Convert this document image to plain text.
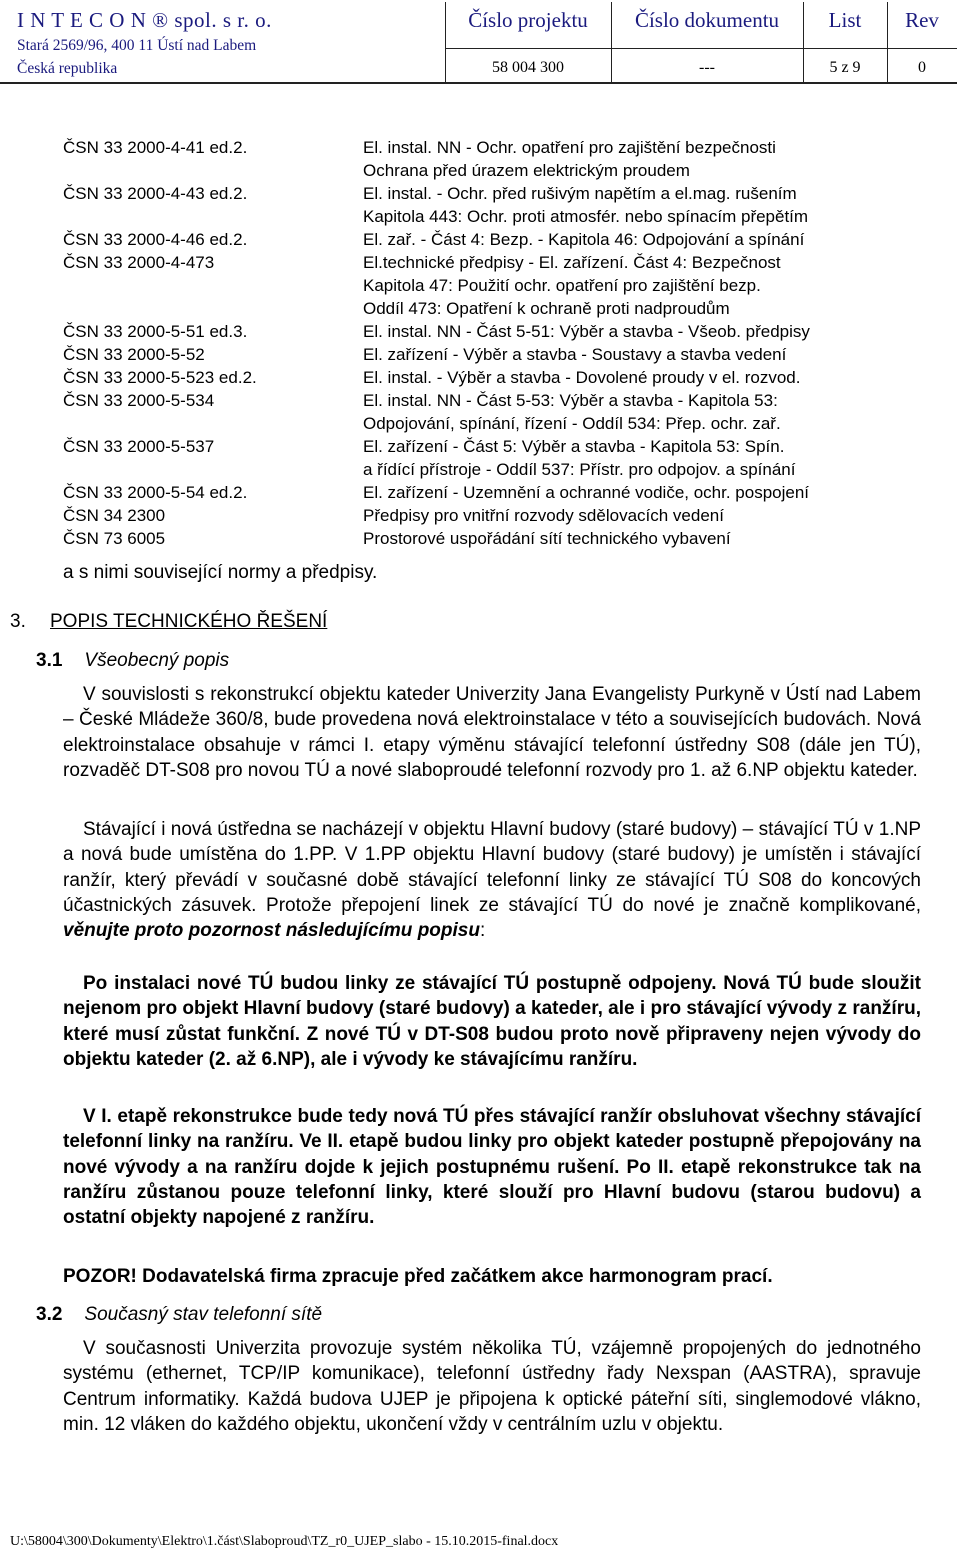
I N T E C O N ® spol. s r. o.
Stará 2569/96, 400 11 Ústí nad Labem
Česká republika
Číslo projektu	Číslo dokumentu	List	Rev
58 004 300	---	5 z 9	0
ČSN 33 2000-4-41 ed.2.	El. instal. NN - Ochr. opatření pro zajištění bezpečnosti
Ochrana před úrazem elektrickým proudem
ČSN 33 2000-4-43 ed.2.	El. instal. - Ochr. před rušivým napětím a el.mag. rušením
Kapitola 443: Ochr. proti atmosfér. nebo spínacím přepětím
ČSN 33 2000-4-46 ed.2.	El. zař. - Část 4: Bezp. - Kapitola 46: Odpojování a spínání
ČSN 33 2000-4-473	El.technické předpisy - El. zařízení. Část 4: Bezpečnost
Kapitola 47: Použití ochr. opatření pro zajištění bezp.
Oddíl 473: Opatření k ochraně proti nadproudům
ČSN 33 2000-5-51 ed.3.	El. instal. NN - Část 5-51: Výběr a stavba - Všeob. předpisy
ČSN 33 2000-5-52	El. zařízení - Výběr a stavba - Soustavy a stavba vedení
ČSN 33 2000-5-523 ed.2.	El. instal. - Výběr a stavba - Dovolené proudy v el. rozvod.
ČSN 33 2000-5-534	El. instal. NN - Část 5-53: Výběr a stavba - Kapitola 53:
Odpojování, spínání, řízení - Oddíl 534: Přep. ochr. zař.
ČSN 33 2000-5-537	El. zařízení - Část 5: Výběr a stavba - Kapitola 53: Spín.
a řídící přístroje - Oddíl 537: Přístr. pro odpojov. a spínání
ČSN 33 2000-5-54 ed.2.	El. zařízení - Uzemnění a ochranné vodiče, ochr. pospojení
ČSN 34 2300	Předpisy pro vnitřní rozvody sdělovacích vedení
ČSN 73 6005	Prostorové uspořádání sítí technického vybavení
a s nimi související normy a předpisy.
3. POPIS TECHNICKÉHO ŘEŠENÍ
3.1 Všeobecný popis
V souvislosti s rekonstrukcí objektu kateder Univerzity Jana Evangelisty Purkyně v Ústí nad Labem – České Mládeže 360/8, bude provedena nová elektroinstalace v této a souvisejících budovách. Nová elektroinstalace obsahuje v rámci I. etapy výměnu stávající telefonní ústředny S08 (dále jen TÚ), rozvaděč DT-S08 pro novou TÚ a nové slaboproudé telefonní rozvody pro 1. až 6.NP objektu kateder.
Stávající i nová ústředna se nacházejí v objektu Hlavní budovy (staré budovy) – stávající TÚ v 1.NP a nová bude umístěna do 1.PP. V 1.PP objektu Hlavní budovy (staré budovy) je umístěn i stávající ranžír, který převádí v současné době stávající telefonní linky ze stávající TÚ S08 do koncových účastnických zásuvek. Protože přepojení linek ze stávající TÚ do nové je značně komplikované, věnujte proto pozornost následujícímu popisu:
Po instalaci nové TÚ budou linky ze stávající TÚ postupně odpojeny. Nová TÚ bude sloužit nejenom pro objekt Hlavní budovy (staré budovy) a kateder, ale i pro stávající vývody z ranžíru, které musí zůstat funkční. Z nové TÚ v DT-S08 budou proto nově připraveny nejen vývody do objektu kateder (2. až 6.NP), ale i vývody ke stávajícímu ranžíru.
V I. etapě rekonstrukce bude tedy nová TÚ přes stávající ranžír obsluhovat všechny stávající telefonní linky na ranžíru. Ve II. etapě budou linky pro objekt kateder postupně přepojovány na nové vývody a na ranžíru dojde k jejich postupnému rušení. Po II. etapě rekonstrukce tak na ranžíru zůstanou pouze telefonní linky, které slouží pro Hlavní budovu (starou budovu) a ostatní objekty napojené z ranžíru.
POZOR! Dodavatelská firma zpracuje před začátkem akce harmonogram prací.
3.2 Současný stav telefonní sítě
V současnosti Univerzita provozuje systém několika TÚ, vzájemně propojených do jednotného systému (ethernet, TCP/IP komunikace), telefonní ústředny řady Nexspan (AASTRA), spravuje Centrum informatiky. Každá budova UJEP je připojena k optické páteřní síti, singlemodové vlákno, min. 12 vláken do každého objektu, ukončení vždy v centrálním uzlu v objektu.
U:\58004\300\Dokumenty\Elektro\1.část\Slaboproud\TZ_r0_UJEP_slabo - 15.10.2015-final.docx
